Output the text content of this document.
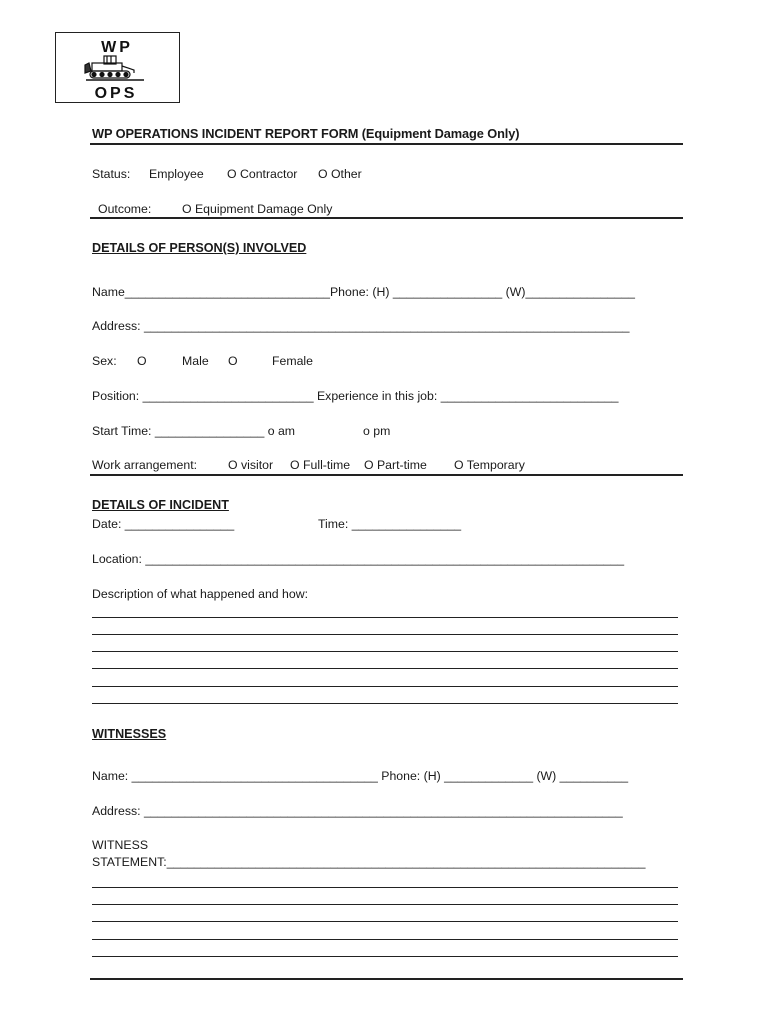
WP
OPS
WP OPERATIONS INCIDENT REPORT FORM (Equipment Damage Only)
Status: Employee O Contractor O Other
Outcome: O Equipment Damage Only
DETAILS OF PERSON(S) INVOLVED
Name______________________________Phone: (H) ________________ (W)________________
Address: _______________________________________________________________________
Sex: O	Male O	Female
Position: _________________________ Experience in this job: __________________________
Start Time: ________________ o am	o pm
Work arrangement:	O visitor O Full-time O Part-time O Temporary
DETAILS OF INCIDENT
Date: ________________	Time: ________________
Location: ______________________________________________________________________
Description of what happened and how:
WITNESSES
Name: ____________________________________ Phone: (H) _____________ (W) __________
Address: ______________________________________________________________________
WITNESS
STATEMENT:______________________________________________________________________
